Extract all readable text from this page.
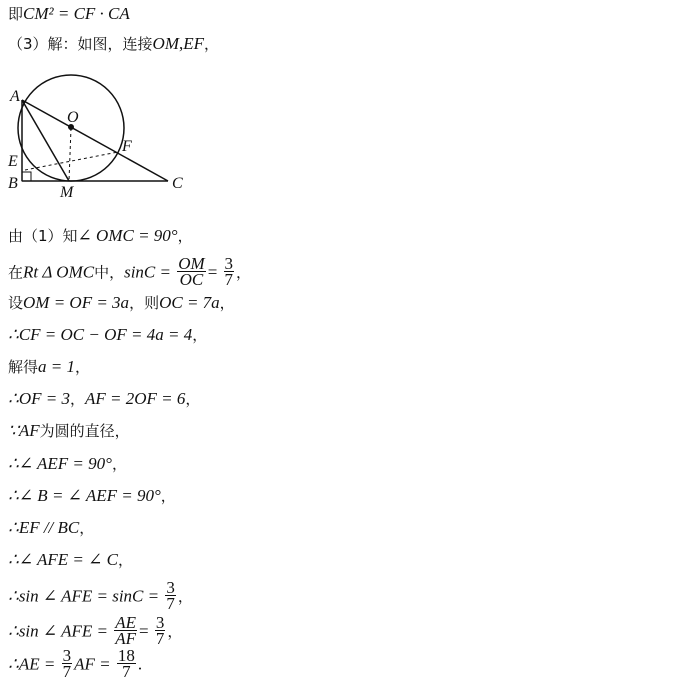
即CM² = CF · CA
（3）解：如图，连接OM,EF，
A
O
F
E
B
M
C
由（1）知∠ OMC = 90°，
在Rt Δ OMC中，$\sin C = \frac{OM}{OC} = \frac{3}{7}$ ，
设OM = OF = 3a，则OC = 7a，
∴CF = OC − OF = 4a = 4，
解得a = 1，
∴OF = 3，AF = 2OF = 6，
∵AF为圆的直径，
∴∠ AEF = 90°，
∴∠ B = ∠ AEF = 90°，
∴EF // BC，
∴∠ AFE = ∠ C，
∴sin ∠ AFE = $\sin C = \frac{3}{7}$ ，
∴sin ∠ AFE = $\frac{AE}{AF} = \frac{3}{7}$ ，
∴AE = $\frac{3}{7}$ AF = $\frac{18}{7}$ .
